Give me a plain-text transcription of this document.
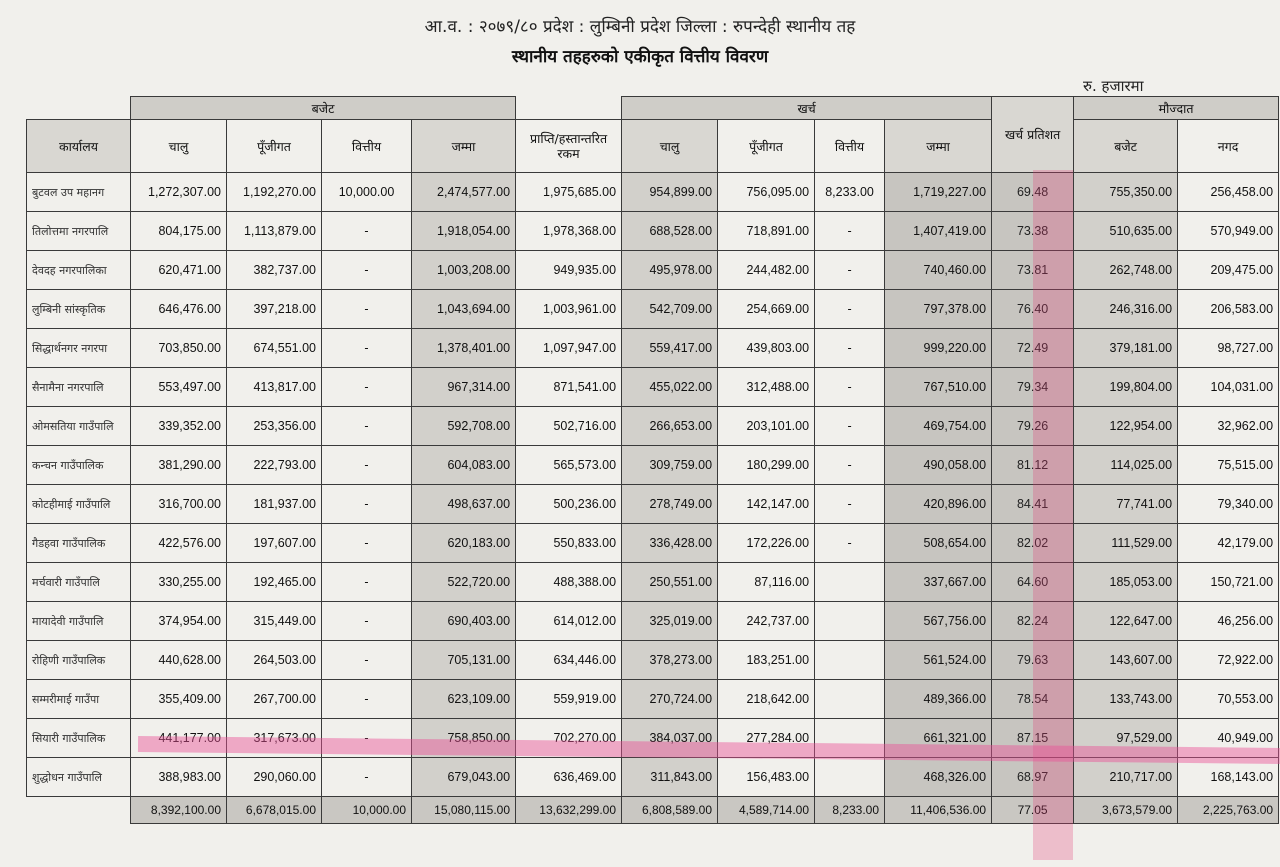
आ.व. : २०७९/८० प्रदेश : लुम्बिनी प्रदेश जिल्ला : रुपन्देही स्थानीय तह
स्थानीय तहहरुको एकीकृत वित्तीय विवरण
रु. हजारमा
	बजेट					खर्च				खर्च प्रतिशत	मौज्दात	
कार्यालय	चालु	पूँजीगत	वित्तीय	जम्मा	प्राप्ति/हस्तान्तरित रकम	चालु	पूँजीगत	वित्तीय	जम्मा		बजेट	नगद
बुटवल उप महानग	1,272,307.00	1,192,270.00	10,000.00	2,474,577.00	1,975,685.00	954,899.00	756,095.00	8,233.00	1,719,227.00	69.48	755,350.00	256,458.00
तिलोत्तमा नगरपालि	804,175.00	1,113,879.00	-	1,918,054.00	1,978,368.00	688,528.00	718,891.00	-	1,407,419.00	73.38	510,635.00	570,949.00
देवदह नगरपालिका	620,471.00	382,737.00	-	1,003,208.00	949,935.00	495,978.00	244,482.00	-	740,460.00	73.81	262,748.00	209,475.00
लुम्बिनी सांस्कृतिक	646,476.00	397,218.00	-	1,043,694.00	1,003,961.00	542,709.00	254,669.00	-	797,378.00	76.40	246,316.00	206,583.00
सिद्धार्थनगर नगरपा	703,850.00	674,551.00	-	1,378,401.00	1,097,947.00	559,417.00	439,803.00	-	999,220.00	72.49	379,181.00	98,727.00
सैनामैना नगरपालि	553,497.00	413,817.00	-	967,314.00	871,541.00	455,022.00	312,488.00	-	767,510.00	79.34	199,804.00	104,031.00
ओमसतिया गाउँपालि	339,352.00	253,356.00	-	592,708.00	502,716.00	266,653.00	203,101.00	-	469,754.00	79.26	122,954.00	32,962.00
कन्चन गाउँपालिक	381,290.00	222,793.00	-	604,083.00	565,573.00	309,759.00	180,299.00	-	490,058.00	81.12	114,025.00	75,515.00
कोटहीमाई गाउँपालि	316,700.00	181,937.00	-	498,637.00	500,236.00	278,749.00	142,147.00	-	420,896.00	84.41	77,741.00	79,340.00
गैडहवा गाउँपालिक	422,576.00	197,607.00	-	620,183.00	550,833.00	336,428.00	172,226.00	-	508,654.00	82.02	111,529.00	42,179.00
मर्चवारी गाउँपालि	330,255.00	192,465.00	-	522,720.00	488,388.00	250,551.00	87,116.00		337,667.00	64.60	185,053.00	150,721.00
मायादेवी गाउँपालि	374,954.00	315,449.00	-	690,403.00	614,012.00	325,019.00	242,737.00		567,756.00	82.24	122,647.00	46,256.00
रोहिणी गाउँपालिक	440,628.00	264,503.00	-	705,131.00	634,446.00	378,273.00	183,251.00		561,524.00	79.63	143,607.00	72,922.00
सम्मरीमाई गाउँपा	355,409.00	267,700.00	-	623,109.00	559,919.00	270,724.00	218,642.00		489,366.00	78.54	133,743.00	70,553.00
सियारी गाउँपालिक	441,177.00	317,673.00	-	758,850.00	702,270.00	384,037.00	277,284.00		661,321.00	87.15	97,529.00	40,949.00
शुद्धोधन गाउँपालि	388,983.00	290,060.00	-	679,043.00	636,469.00	311,843.00	156,483.00		468,326.00	68.97	210,717.00	168,143.00
	8,392,100.00	6,678,015.00	10,000.00	15,080,115.00	13,632,299.00	6,808,589.00	4,589,714.00	8,233.00	11,406,536.00	77.05	3,673,579.00	2,225,763.00
